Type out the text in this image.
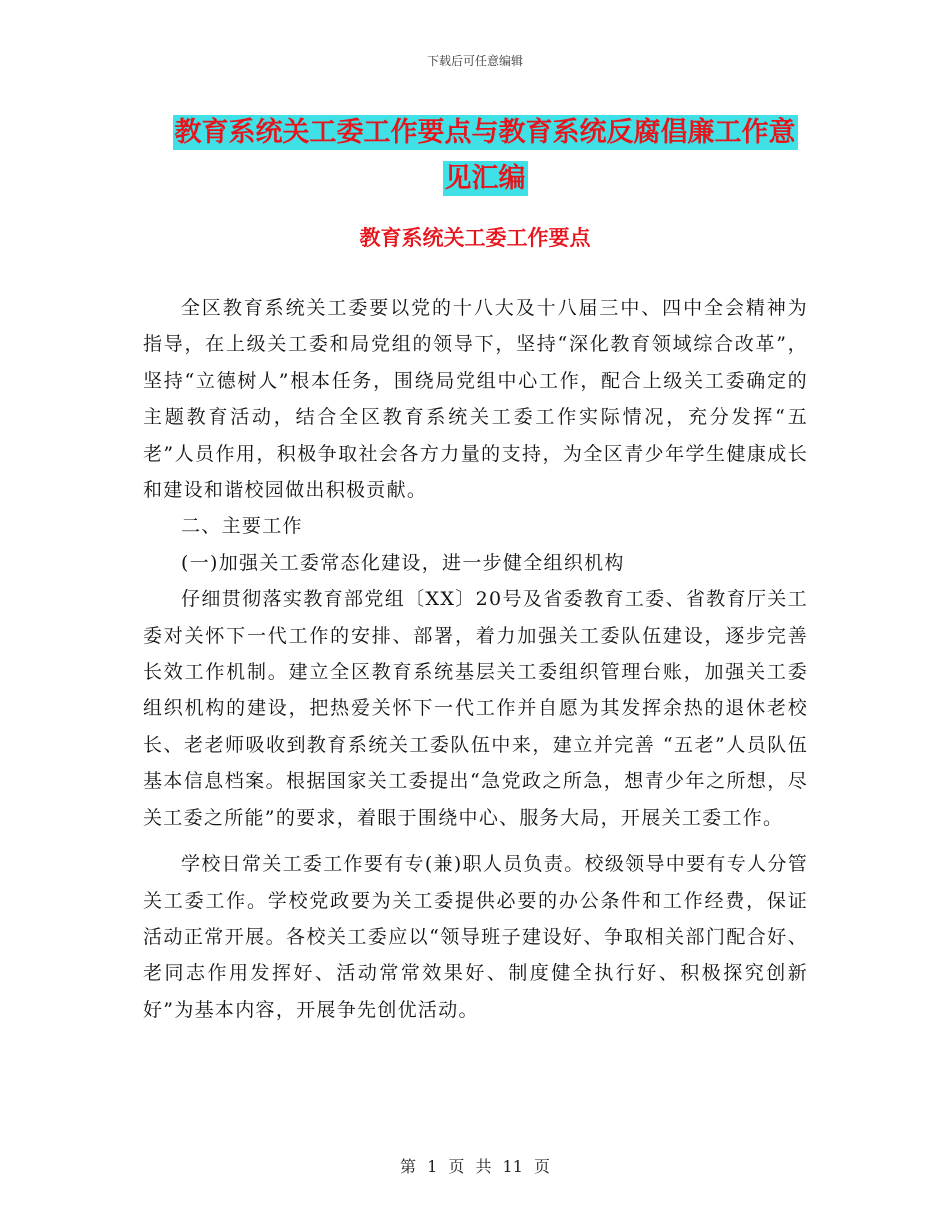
下载后可任意编辑
教育系统关工委工作要点与教育系统反腐倡廉工作意
见汇编
教育系统关工委工作要点

全区教育系统关工委要以党的十八大及十八届三中、四中全会精神为指导，在上级关工委和局党组的领导下，坚持“深化教育领域综合改革”，坚持“立德树人”根本任务，围绕局党组中心工作，配合上级关工委确定的主题教育活动，结合全区教育系统关工委工作实际情况，充分发挥“五老”人员作用，积极争取社会各方力量的支持，为全区青少年学生健康成长和建设和谐校园做出积极贡献。

二、主要工作

(一)加强关工委常态化建设，进一步健全组织机构

仔细贯彻落实教育部党组〔XX〕20号及省委教育工委、省教育厅关工委对关怀下一代工作的安排、部署，着力加强关工委队伍建设，逐步完善长效工作机制。建立全区教育系统基层关工委组织管理台账，加强关工委组织机构的建设，把热爱关怀下一代工作并自愿为其发挥余热的退休老校长、老老师吸收到教育系统关工委队伍中来，建立并完善 “五老”人员队伍基本信息档案。根据国家关工委提出“急党政之所急，想青少年之所想，尽关工委之所能”的要求，着眼于围绕中心、服务大局，开展关工委工作。

学校日常关工委工作要有专(兼)职人员负责。校级领导中要有专人分管关工委工作。学校党政要为关工委提供必要的办公条件和工作经费，保证活动正常开展。各校关工委应以“领导班子建设好、争取相关部门配合好、老同志作用发挥好、活动常常效果好、制度健全执行好、积极探究创新好”为基本内容，开展争先创优活动。

第 1 页 共 11 页
